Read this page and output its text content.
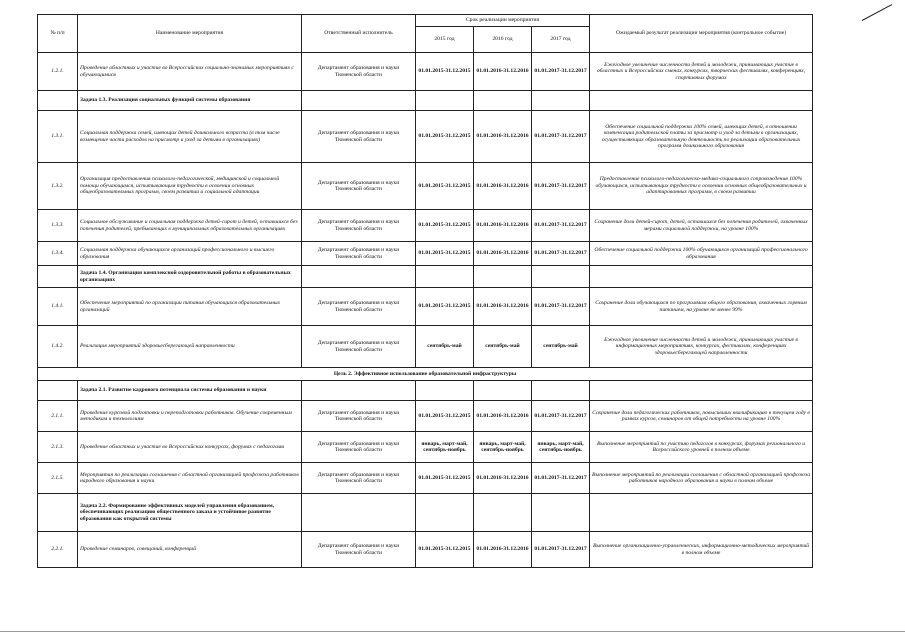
№ п/п	Наименование мероприятия	Ответственный исполнитель	Срок реализации мероприятия			Ожидаемый результат реализации мероприятия (контрольное событие)
			2015 год	2016 год	2017 год	
1.2.1.	Проведение областных и участие во Всероссийских социально-значимых мероприятиях с обучающимися	Департамент образования и науки Тюменской области	01.01.2015-31.12.2015	01.01.2016-31.12.2016	01.01.2017-31.12.2017	Ежегодное увеличение численности детей и молодежи, принимающих участие в областных и Всероссийских сменах, конкурсах, творческих фестивалях, конференциях, спортивных форумах
	Задача 1.3. Реализация социальных функций системы образования					
1.3.1.	Социальная поддержка семей, имеющих детей дошкольного возраста (в том числе возмещение части расходов на присмотр и уход за детьми в организациях)	Департамент образования и науки Тюменской области	01.01.2015-31.12.2015	01.01.2016-31.12.2016	01.01.2017-31.12.2017	Обеспечение социальной поддержки 100% семей, имеющих детей, в отношении компенсации родительской платы за присмотр и уход за детьми в организациях, осуществляющих образовательную деятельность по реализации образовательных программ дошкольного образования
1.3.2.	Организация предоставления психолого-педагогической, медицинской и социальной помощи обучающимся, испытывающим трудности в освоении основных общеобразовательных программ, своем развитии и социальной адаптации	Департамент образования и науки Тюменской области	01.01.2015-31.12.2015	01.01.2016-31.12.2016	01.01.2017-31.12.2017	Предоставление психолого-педагогическо-медико-социального сопровождения 100% обучающихся, испытывающих трудности в освоении основных общеобразовательных и адаптированных программ, в своем развитии
1.3.3.	Социальное обслуживание и социальная поддержка детей-сирот и детей, оставшихся без попечения родителей, пребывающих в муниципальных образовательных организациях	Департамент образования и науки Тюменской области	01.01.2015-31.12.2015	01.01.2016-31.12.2016	01.01.2017-31.12.2017	Сохранение доли детей-сирот, детей, оставшихся без попечения родителей, охваченных мерами социальной поддержки, на уровне 100%
1.3.4.	Социальная поддержка обучающихся организаций профессионального и высшего образования	Департамент образования и науки Тюменской области	01.01.2015-31.12.2015	01.01.2016-31.12.2016	01.01.2017-31.12.2017	Обеспечение социальной поддержки 100% обучающихся организаций профессионального образования
	Задача 1.4. Организация комплексной оздоровительной работы в образовательных организациях					
1.4.1.	Обеспечение мероприятий по организации питания обучающихся образовательных организаций	Департамент образования и науки Тюменской области	01.01.2015-31.12.2015	01.01.2016-31.12.2016	01.01.2017-31.12.2017	Сохранение доли обучающихся по программам общего образования, охваченных горячим питанием, на уровне не менее 99%
1.4.2.	Реализация мероприятий здоровьесберегающей направленности	Департамент образования и науки Тюменской области	сентябрь-май	сентябрь-май	сентябрь-май	Ежегодное увеличение численности детей и молодежи, принимающих участие в информационных мероприятиях, конкурсах, фестивалях, конференциях здоровьесберегающей направленности
Цель 2. Эффективное использование образовательной инфраструктуры						
	Задача 2.1. Развитие кадрового потенциала системы образования и науки					
2.1.1.	Проведение курсовой подготовки и переподготовки работников. Обучение современным методикам и технологиям	Департамент образования и науки Тюменской области	01.01.2015-31.12.2015	01.01.2016-31.12.2016	01.01.2017-31.12.2017	Сохранение доли педагогических работников, повысивших квалификацию в текущем году в рамках курсов, семинаров от общей потребности на уровне 100%
2.1.3.	Проведение областных и участие во Всероссийских конкурсах, форумах с педагогами	Департамент образования и науки Тюменской области	январь, март-май, сентябрь-ноябрь	январь, март-май, сентябрь-ноябрь	январь, март-май, сентябрь-ноябрь	Выполнение мероприятий по участию педагогов в конкурсах, форумах регионального и Всероссийского уровней в полном объеме
2.1.5.	Мероприятия по реализации соглашения с областной организацией профсоюза работников народного образования и науки	Департамент образования и науки Тюменской области	01.01.2015-31.12.2015	01.01.2016-31.12.2016	01.01.2017-31.12.2017	Выполнение мероприятий по реализации соглашения с областной организацией профсоюза работников народного образования и науки в полном объеме
	Задача 2.2. Формирование эффективных моделей управления образованием, обеспечивающих реализацию общественного заказа и устойчивое развитие образования как открытой системы					
2.2.1.	Проведение семинаров, совещаний, конференций	Департамент образования и науки Тюменской области	01.01.2015-31.12.2015	01.01.2016-31.12.2016	01.01.2017-31.12.2017	Выполнение организационно-управленческих, информационно-методических мероприятий в полном объеме
